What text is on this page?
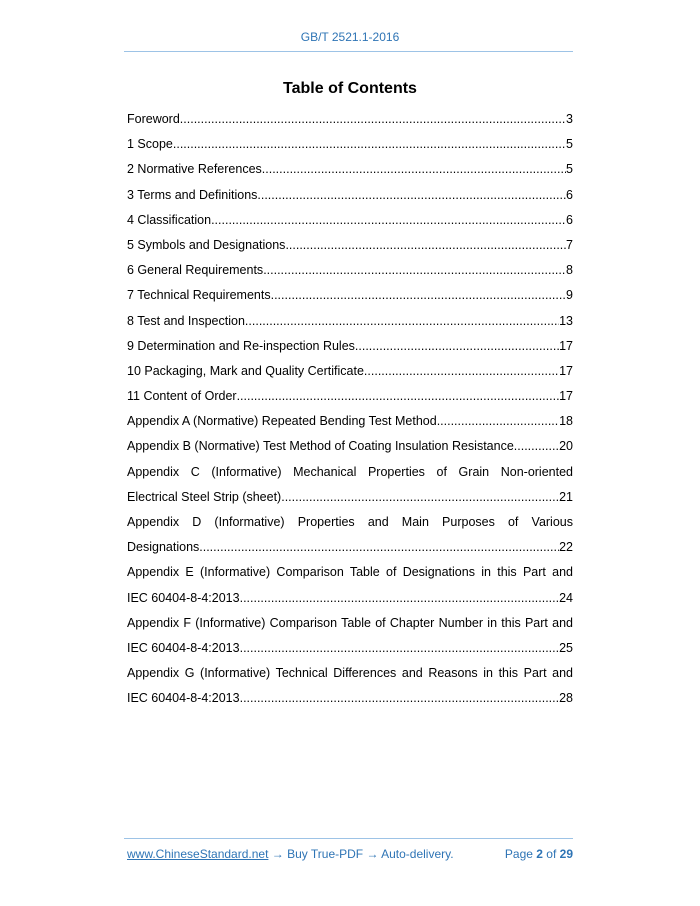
GB/T 2521.1-2016
Table of Contents
Foreword .....	3
1 Scope .....	5
2 Normative References .....	5
3 Terms and Definitions .....	6
4 Classification .....	6
5 Symbols and Designations .....	7
6 General Requirements .....	8
7 Technical Requirements .....	9
8 Test and Inspection .....	13
9 Determination and Re-inspection Rules .....	17
10 Packaging, Mark and Quality Certificate .....	17
11 Content of Order .....	17
Appendix A (Normative) Repeated Bending Test Method .....	18
Appendix B (Normative) Test Method of Coating Insulation Resistance .....	20
Appendix C (Informative) Mechanical Properties of Grain Non-oriented
Electrical Steel Strip (sheet) .....	21
Appendix D (Informative) Properties and Main Purposes of Various
Designations .....	22
Appendix E (Informative) Comparison Table of Designations in this Part and
IEC 60404-8-4:2013 .....	24
Appendix F (Informative) Comparison Table of Chapter Number in this Part and
IEC 60404-8-4:2013 .....	25
Appendix G (Informative) Technical Differences and Reasons in this Part and
IEC 60404-8-4:2013 .....	28
www.ChineseStandard.net → Buy True-PDF → Auto-delivery.	Page 2 of 29
